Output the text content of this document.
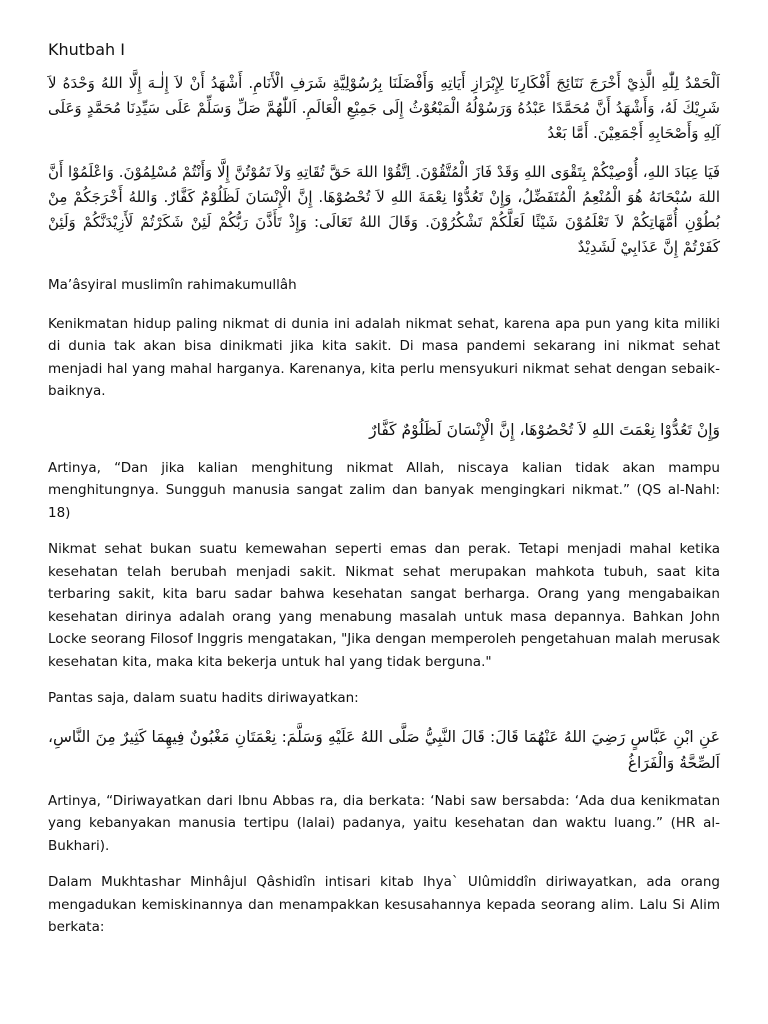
Khutbah I

اَلْحَمْدُ لِلّٰهِ الَّذِيْ أَخْرَجَ نَتَائِجَ أَفْكَارِنَا لِإِبْرَازِ أَيَاتِهِ وَأَفْضَلَنَا بِرُسُوْلِيَّةِ شَرَفِ الْأَنَامِ. أَشْهَدُ أَنْ لاَ إِلٰـهَ إِلَّا اللهُ وَحْدَهُ لاَ شَرِيْكَ لَهُ، وَأَشْهَدُ أَنَّ مُحَمَّدًا عَبْدُهُ وَرَسُوْلُهُ الْمَبْعُوْثُ إِلَى جَمِيْعِ الْعَالَمِ. اَللّٰهُمَّ صَلِّ وَسَلِّمْ عَلَى سَيِّدِنَا مُحَمَّدٍ وَعَلَى آلِهِ وَأَصْحَابِهِ أَجْمَعِيْنَ. أَمَّا بَعْدُ

فَيَا عِبَادَ اللهِ، أُوْصِيْكُمْ بِتَقْوَى اللهِ وَقَدْ فَازَ الْمُتَّقُوْنَ. اِتَّقُوْا اللهَ حَقَّ تُقَاتِهِ وَلاَ تَمُوْتُنَّ إِلَّا وَأَنْتُمْ مُسْلِمُوْنَ. وَاعْلَمُوْا أَنَّ اللهَ سُبْحَانَهُ هُوَ الْمُنْعِمُ الْمُتَفَضِّلُ، وَإِنْ تَعُدُّوْا نِعْمَةَ اللهِ لاَ تُحْصُوْهَا. إِنَّ الْإِنْسَانَ لَظَلُوْمٌ كَفَّارٌ. وَاللهُ أَخْرَجَكُمْ مِنْ بُطُوْنِ أُمَّهَاتِكُمْ لاَ تَعْلَمُوْنَ شَيْئًا لَعَلَّكُمْ تَشْكُرُوْنَ. وَقَالَ اللهُ تَعَالَى: وَإِذْ تَأَذَّنَ رَبُّكُمْ لَئِنْ شَكَرْتُمْ لَأَزِيْدَنَّكُمْ وَلَئِنْ كَفَرْتُمْ إِنَّ عَذَابِيْ لَشَدِيْدٌ

Ma’âsyiral muslimîn rahimakumullâh

Kenikmatan hidup paling nikmat di dunia ini adalah nikmat sehat, karena apa pun yang kita miliki di dunia tak akan bisa dinikmati jika kita sakit. Di masa pandemi sekarang ini nikmat sehat menjadi hal yang mahal harganya. Karenanya, kita perlu mensyukuri nikmat sehat dengan sebaik-baiknya.

وَإِنْ تَعُدُّوْا نِعْمَتَ اللهِ لاَ تُحْصُوْهَا، إِنَّ الْإِنْسَانَ لَظَلُوْمٌ كَفَّارٌ

Artinya, “Dan jika kalian menghitung nikmat Allah, niscaya kalian tidak akan mampu menghitungnya. Sungguh manusia sangat zalim dan banyak mengingkari nikmat.” (QS al-Nahl: 18)

Nikmat sehat bukan suatu kemewahan seperti emas dan perak. Tetapi menjadi mahal ketika kesehatan telah berubah menjadi sakit. Nikmat sehat merupakan mahkota tubuh, saat kita terbaring sakit, kita baru sadar bahwa kesehatan sangat berharga. Orang yang mengabaikan kesehatan dirinya adalah orang yang menabung masalah untuk masa depannya. Bahkan John Locke seorang Filosof Inggris mengatakan, "Jika dengan memperoleh pengetahuan malah merusak kesehatan kita, maka kita bekerja untuk hal yang tidak berguna."

Pantas saja, dalam suatu hadits diriwayatkan:

عَنِ ابْنِ عَبَّاسٍ رَضِيَ اللهُ عَنْهُمَا قَالَ: قَالَ النَّبِيُّ صَلَّى اللهُ عَلَيْهِ وَسَلَّمَ: نِعْمَتَانِ مَغْبُونٌ فِيهِمَا كَثِيرٌ مِنَ النَّاسِ، اَلصِّحَّةُ وَالْفَرَاغُ

Artinya, “Diriwayatkan dari Ibnu Abbas ra, dia berkata: ‘Nabi saw bersabda: ‘Ada dua kenikmatan yang kebanyakan manusia tertipu (lalai) padanya, yaitu kesehatan dan waktu luang.” (HR al-Bukhari).

Dalam Mukhtashar Minhâjul Qâshidîn intisari kitab Ihya` Ulûmiddîn diriwayatkan, ada orang mengadukan kemiskinannya dan menampakkan kesusahannya kepada seorang alim. Lalu Si Alim berkata:
